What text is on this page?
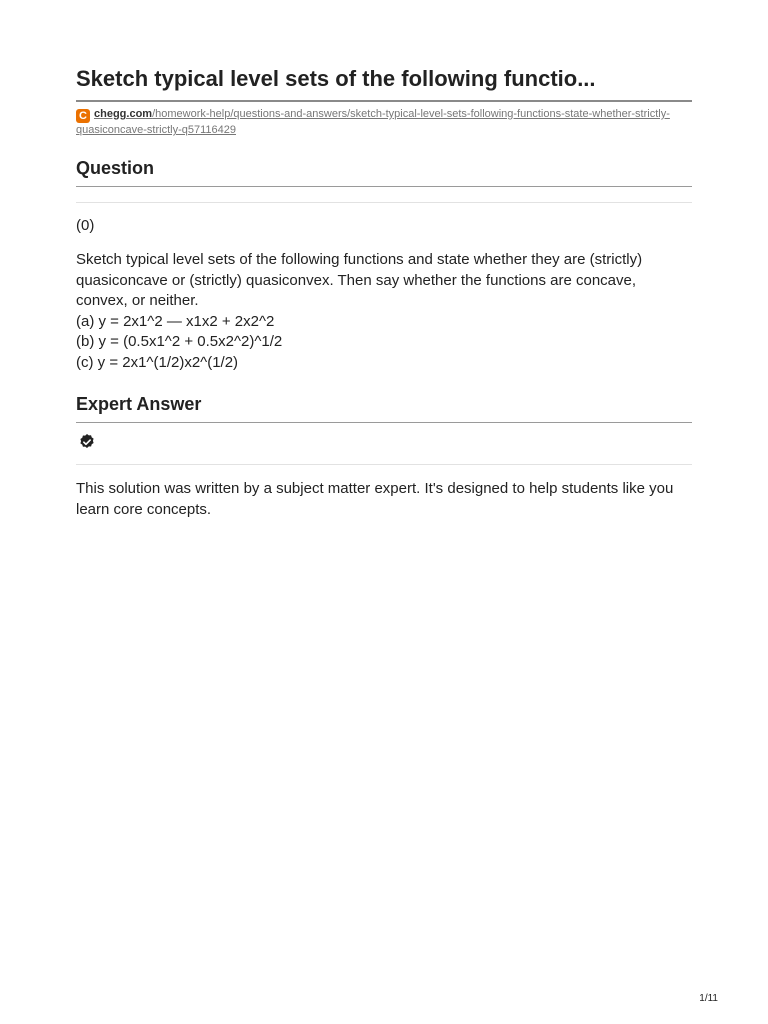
Sketch typical level sets of the following functio...
C chegg.com/homework-help/questions-and-answers/sketch-typical-level-sets-following-functions-state-whether-strictly-quasiconcave-strictly-q57116429
Question

(0)

Sketch typical level sets of the following functions and state whether they are (strictly) quasiconcave or (strictly) quasiconvex. Then say whether the functions are concave, convex, or neither.
(a) y = 2x1^2 — x1x2 + 2x2^2
(b) y = (0.5x1^2 + 0.5x2^2)^1/2
(c) y = 2x1^(1/2)x2^(1/2)
Expert Answer

This solution was written by a subject matter expert. It's designed to help students like you learn core concepts.

1/11
